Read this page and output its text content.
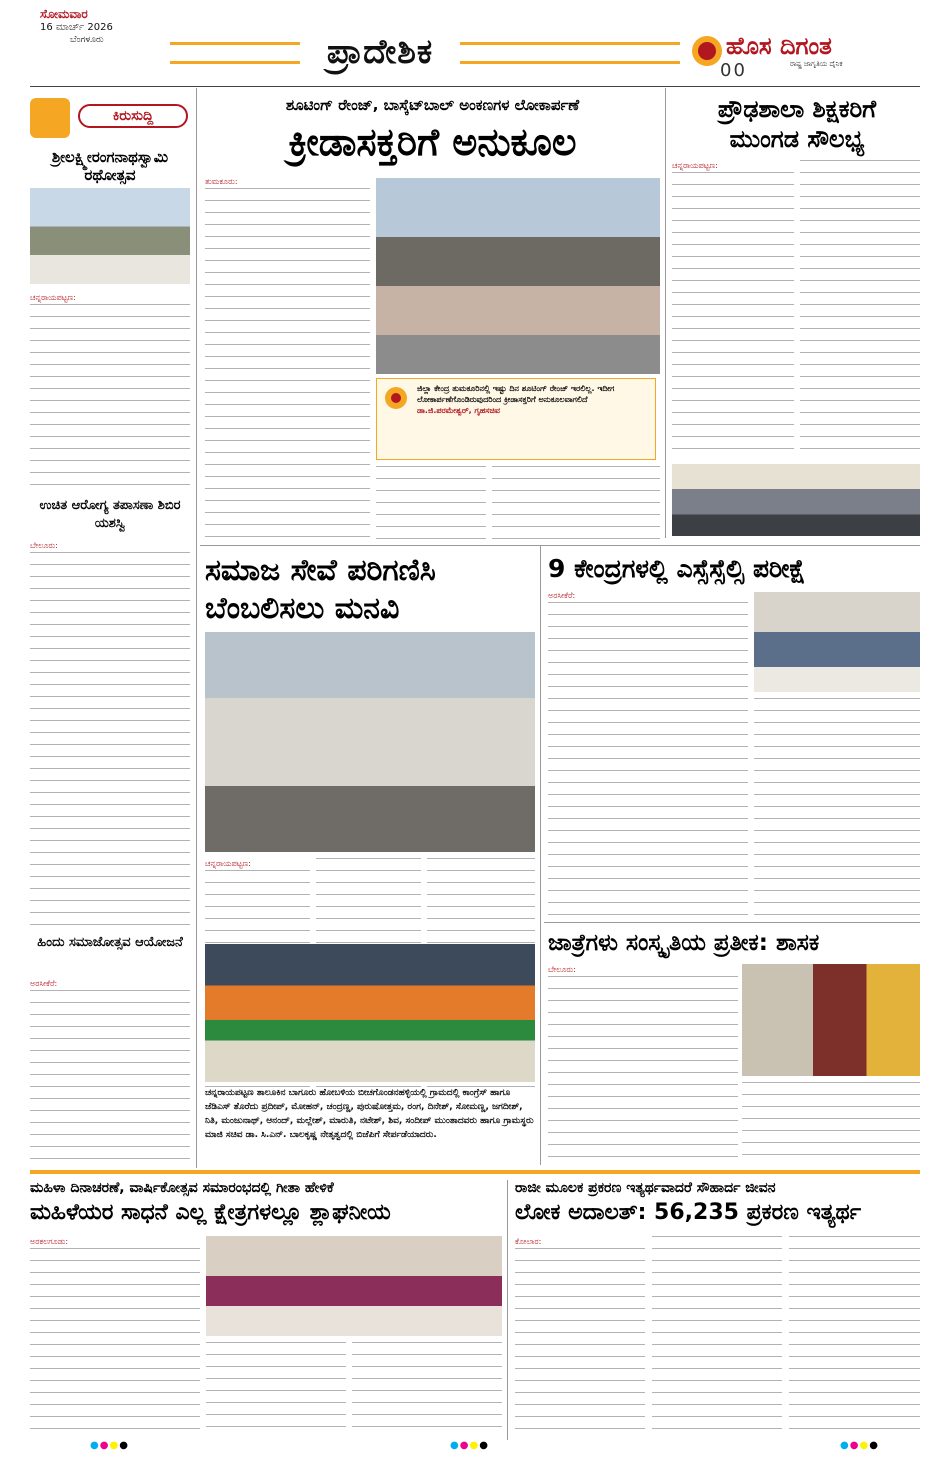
ಸೋಮವಾರ
16 ಮಾರ್ಚ್ 2026
ಬೆಂಗಳೂರು	ಪ್ರಾದೇಶಿಕ	ಹೊಸ ದಿಗಂತ
ರಾಷ್ಟ್ರ ಜಾಗೃತಿಯ ದೈನಿಕ
00
ಕಿರುಸುದ್ದಿ
ಶ್ರೀಲಕ್ಷ್ಮೀರಂಗನಾಥಸ್ವಾಮಿ ರಥೋತ್ಸವ
ಚನ್ನರಾಯಪಟ್ಟಣ:
ಉಚಿತ ಆರೋಗ್ಯ ತಪಾಸಣಾ ಶಿಬಿರ ಯಶಸ್ವಿ
ಬೇಲೂರು:
ಹಿಂದು ಸಮಾಜೋತ್ಸವ ಆಯೋಜನೆ
ಅರಸೀಕೆರೆ:
ಶೂಟಿಂಗ್ ರೇಂಜ್, ಬಾಸ್ಕೆಟ್‌ಬಾಲ್ ಅಂಕಣಗಳ ಲೋಕಾರ್ಪಣೆ
ಕ್ರೀಡಾಸಕ್ತರಿಗೆ ಅನುಕೂಲ
ತುಮಕೂರು:
ಜಿಲ್ಲಾ ಕೇಂದ್ರ ತುಮಕೂರಿನಲ್ಲಿ ಇಷ್ಟು ದಿನ ಶೂಟಿಂಗ್ ರೇಂಜ್ ಇರಲಿಲ್ಲ. ಇದೀಗ ಲೋಕಾರ್ಪಣೆಗೊಂಡಿರುವುದರಿಂದ ಕ್ರೀಡಾಸಕ್ತರಿಗೆ ಅನುಕೂಲವಾಗಲಿದೆ
ಡಾ.ಜಿ.ಪರಮೇಶ್ವರ್, ಗೃಹಸಚಿವ
ಪ್ರೌಢಶಾಲಾ ಶಿಕ್ಷಕರಿಗೆ
ಮುಂಗಡ ಸೌಲಭ್ಯ
ಚನ್ನರಾಯಪಟ್ಟಣ:
ಸಮಾಜ ಸೇವೆ ಪರಿಗಣಿಸಿ
ಬೆಂಬಲಿಸಲು ಮನವಿ
ಚನ್ನರಾಯಪಟ್ಟಣ:
ಚನ್ನರಾಯಪಟ್ಟಣ ತಾಲೂಕಿನ ಬಾಗೂರು ಹೋಬಳಿಯ ಬೀಚಗೊಂಡನಹಳ್ಳಿಯಲ್ಲಿ ಗ್ರಾಮದಲ್ಲಿ ಕಾಂಗ್ರೆಸ್ ಹಾಗೂ ಜೆಡಿಎಸ್ ತೊರೆದು ಪ್ರದೀಪ್, ಮೋಹನ್, ಚಂದ್ರಣ್ಣ, ಪುರುಷೋತ್ತಮ, ರಂಗ, ದಿನೇಶ್, ಸೋಮಣ್ಣ, ಜಗದೀಶ್, ನಿತಿ, ಮಂಜುನಾಥ್, ಆನಂದ್, ಮಲ್ಲೇಶ್, ಮಾರುತಿ, ನಟೇಶ್, ಶಿವ, ಸಂದೀಪ್ ಮುಂತಾದವರು ಹಾಗೂ ಗ್ರಾಮಸ್ಥರು ಮಾಜಿ ಸಚಿವ ಡಾ. ಸಿ.ಎನ್. ಬಾಲಕೃಷ್ಣ ನೇತೃತ್ವದಲ್ಲಿ ಬಿಜೆಪಿಗೆ ಸೇರ್ಪಡೆಯಾದರು.
9 ಕೇಂದ್ರಗಳಲ್ಲಿ ಎಸ್ಸೆಸ್ಸೆಲ್ಸಿ ಪರೀಕ್ಷೆ
ಅರಸೀಕೆರೆ:
ಜಾತ್ರೆಗಳು ಸಂಸ್ಕೃತಿಯ ಪ್ರತೀಕ: ಶಾಸಕ
ಬೇಲೂರು:
ಮಹಿಳಾ ದಿನಾಚರಣೆ, ವಾರ್ಷಿಕೋತ್ಸವ ಸಮಾರಂಭದಲ್ಲಿ ಗೀತಾ ಹೇಳಿಕೆ
ಮಹಿಳೆಯರ ಸಾಧನೆ ಎಲ್ಲ ಕ್ಷೇತ್ರಗಳಲ್ಲೂ ಶ್ಲಾಘನೀಯ
ಅರಕಲಗೂಡು:
ರಾಜೀ ಮೂಲಕ ಪ್ರಕರಣ ಇತ್ಯರ್ಥವಾದರೆ ಸೌಹಾರ್ದ ಜೀವನ
ಲೋಕ ಅದಾಲತ್: 56,235 ಪ್ರಕರಣ ಇತ್ಯರ್ಥ
ಕೋಲಾರ:
●●●●	●●●●	●●●●
